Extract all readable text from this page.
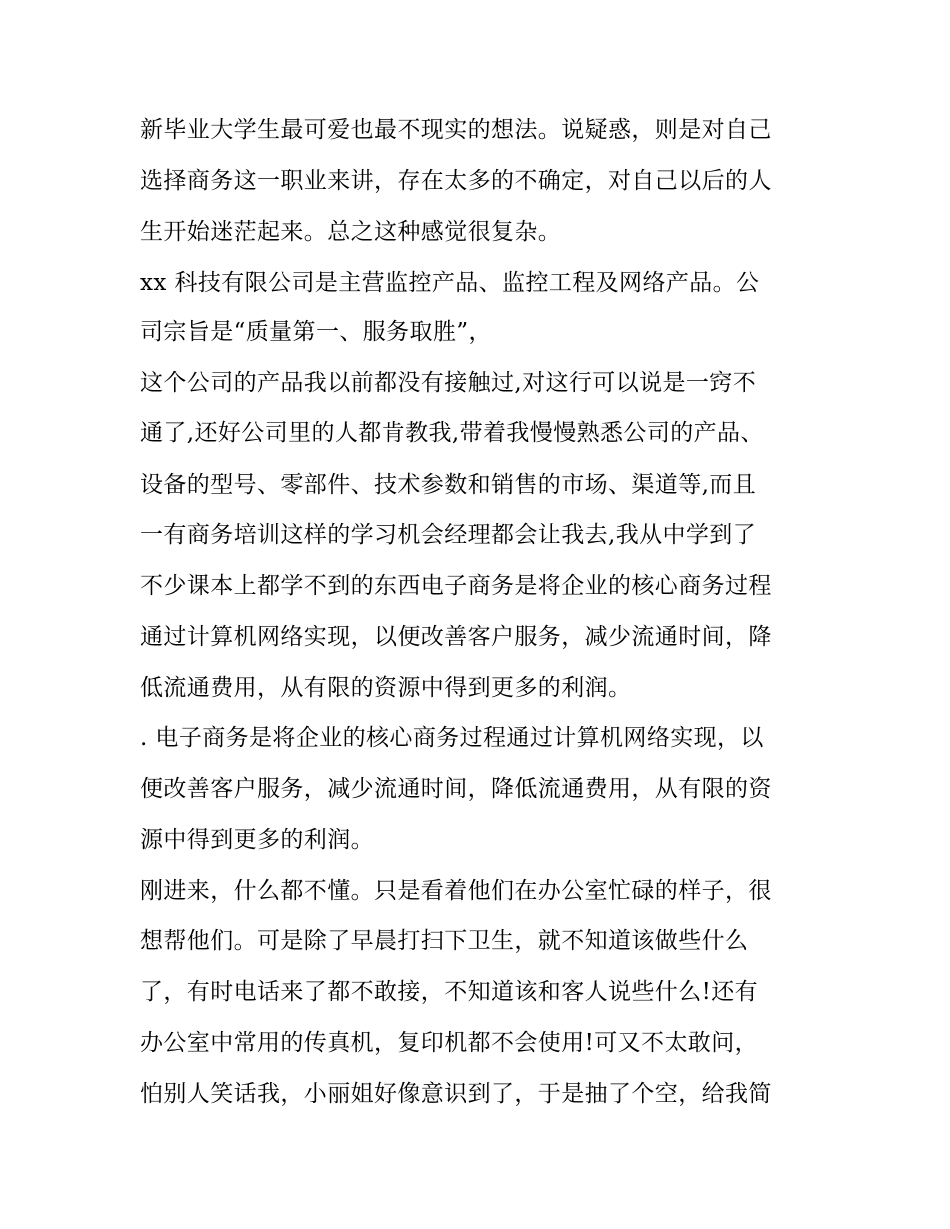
新毕业大学生最可爱也最不现实的想法。说疑惑，则是对自己
选择商务这一职业来讲，存在太多的不确定，对自己以后的人
生开始迷茫起来。总之这种感觉很复杂。
xx 科技有限公司是主营监控产品、监控工程及网络产品。公
司宗旨是“质量第一、服务取胜”，
这个公司的产品我以前都没有接触过,对这行可以说是一窍不
通了,还好公司里的人都肯教我,带着我慢慢熟悉公司的产品、
设备的型号、零部件、技术参数和销售的市场、渠道等,而且
一有商务培训这样的学习机会经理都会让我去,我从中学到了
不少课本上都学不到的东西电子商务是将企业的核心商务过程
通过计算机网络实现，以便改善客户服务，减少流通时间，降
低流通费用，从有限的资源中得到更多的利润。
. 电子商务是将企业的核心商务过程通过计算机网络实现，以
便改善客户服务，减少流通时间，降低流通费用，从有限的资
源中得到更多的利润。
刚进来，什么都不懂。只是看着他们在办公室忙碌的样子，很
想帮他们。可是除了早晨打扫下卫生，就不知道该做些什么
了，有时电话来了都不敢接，不知道该和客人说些什么!还有
办公室中常用的传真机，复印机都不会使用!可又不太敢问，
怕别人笑话我，小丽姐好像意识到了，于是抽了个空，给我简
